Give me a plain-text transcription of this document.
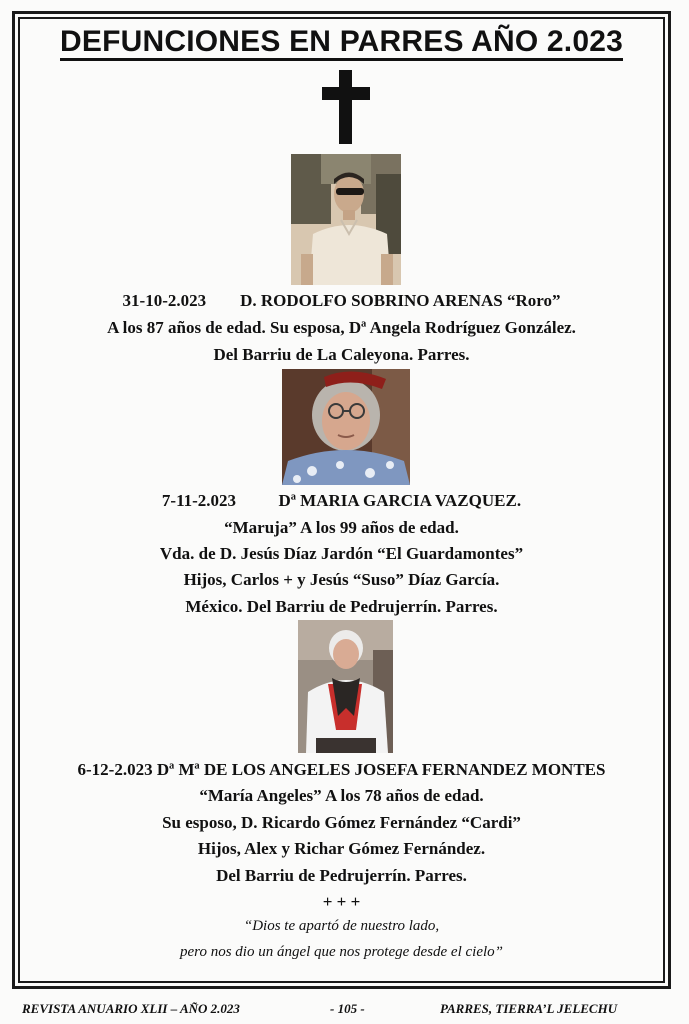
DEFUNCIONES EN PARRES AÑO 2.023
31-10-2.023        D. RODOLFO SOBRINO ARENAS “Roro”
A los 87 años de edad. Su esposa, Dª Angela Rodríguez González.
Del Barriu de La Caleyona. Parres.
7-11-2.023          Dª MARIA GARCIA VAZQUEZ.
“Maruja” A los 99 años de edad.
Vda. de D. Jesús Díaz Jardón “El Guardamontes”
Hijos, Carlos + y Jesús “Suso” Díaz García.
México. Del Barriu de Pedrujerrín. Parres.
6-12-2.023 Dª Mª DE LOS ANGELES JOSEFA FERNANDEZ MONTES
“María Angeles” A los 78 años de edad.
Su esposo, D. Ricardo Gómez Fernández “Cardi”
Hijos, Alex y Richar Gómez Fernández.
Del Barriu de Pedrujerrín. Parres.
+ + +
“Dios te apartó de nuestro lado,
pero nos dio un ángel que nos protege desde el cielo”
REVISTA ANUARIO XLII – AÑO 2.023	- 105 -	PARRES, TIERRA’L JELECHU
